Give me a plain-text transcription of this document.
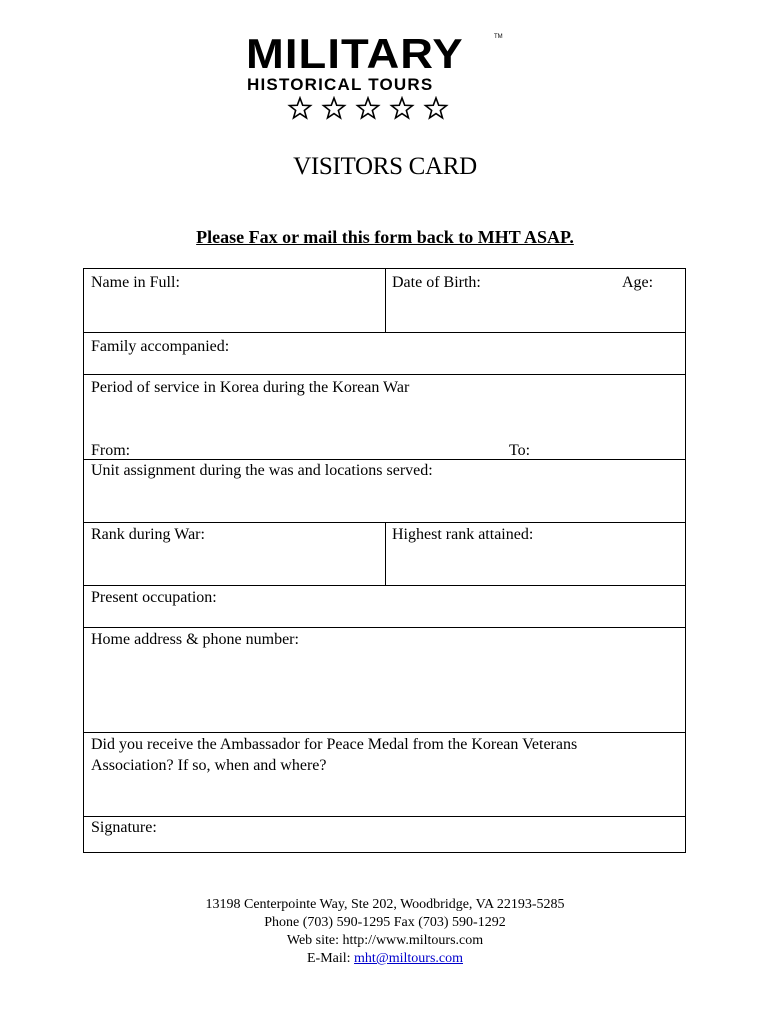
MILITARY	TM
HISTORICAL TOURS
VISITORS CARD
Please Fax or mail this form back to MHT ASAP.
Name in Full:	Date of Birth:	Age:
Family accompanied:
Period of service in Korea during the Korean War
From:	To:
Unit assignment during the was and locations served:
Rank during War:	Highest rank attained:
Present occupation:
Home address & phone number:
Did you receive the Ambassador for Peace Medal from the Korean Veterans
Association? If so, when and where?
Signature:
13198 Centerpointe Way, Ste 202, Woodbridge, VA 22193-5285
Phone (703) 590-1295 Fax (703) 590-1292
Web site: http://www.miltours.com
E-Mail: mht@miltours.com
